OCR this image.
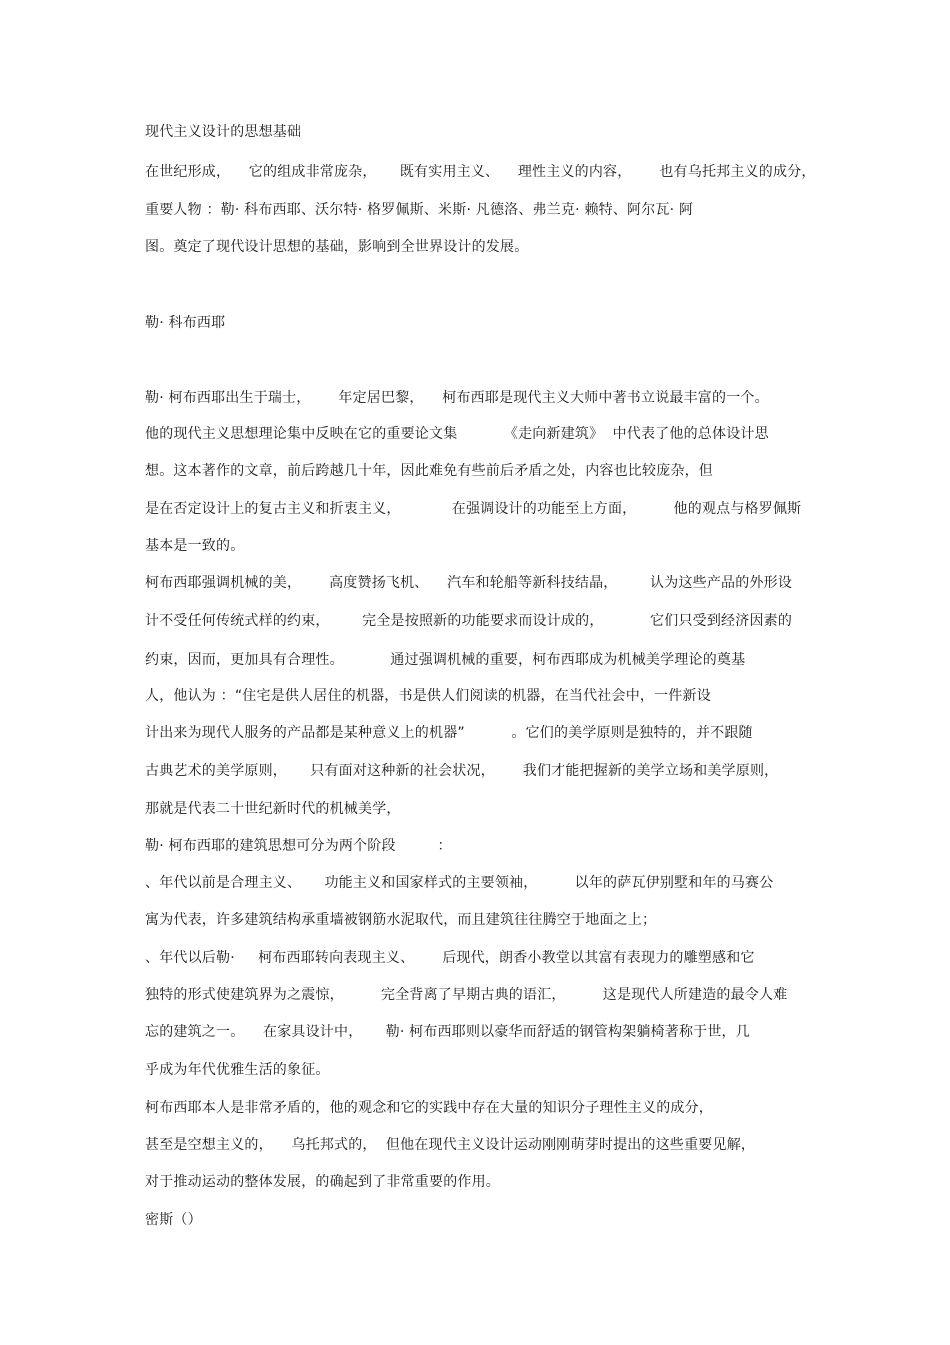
现代主义设计的思想基础
在世纪形成，    它的组成非常庞杂，     既有实用主义、    理性主义的内容，      也有乌托邦主义的成分，
重要人物 ：勒· 科布西耶、沃尔特· 格罗佩斯、米斯· 凡德洛、弗兰克· 赖特、阿尔瓦· 阿
图。奠定了现代设计思想的基础，影响到全世界设计的发展。
勒· 科布西耶
勒· 柯布西耶出生于瑞士，      年定居巴黎，    柯布西耶是现代主义大师中著书立说最丰富的一个。
他的现代主义思想理论集中反映在它的重要论文集          《走向新建筑》  中代表了他的总体设计思
想。这本著作的文章，前后跨越几十年，因此难免有些前后矛盾之处，内容也比较庞杂，但
是在否定设计上的复古主义和折衷主义，           在强调设计的功能至上方面，        他的观点与格罗佩斯
基本是一致的。
柯布西耶强调机械的美，      高度赞扬飞机、    汽车和轮船等新科技结晶，       认为这些产品的外形设
计不受任何传统式样的约束，       完全是按照新的功能要求而设计成的，          它们只受到经济因素的
约束，因而，更加具有合理性。          通过强调机械的重要，柯布西耶成为机械美学理论的奠基
人，他认为 ：“住宅是供人居住的机器，书是供人们阅读的机器，在当代社会中，一件新设
计出来为现代人服务的产品都是某种意义上的机器”          。它们的美学原则是独特的，并不跟随
古典艺术的美学原则，     只有面对这种新的社会状况，      我们才能把握新的美学立场和美学原则，
那就是代表二十世纪新时代的机械美学，
勒· 柯布西耶的建筑思想可分为两个阶段         ：
、年代以前是合理主义、     功能主义和国家样式的主要领袖，        以年的萨瓦伊别墅和年的马赛公
寓为代表，许多建筑结构承重墙被钢筋水泥取代，而且建筑往往腾空于地面之上；
、年代以后勒·     柯布西耶转向表现主义、      后现代，朗香小教堂以其富有表现力的雕塑感和它
独特的形式使建筑界为之震惊，        完全背离了早期古典的语汇，        这是现代人所建造的最令人难
忘的建筑之一。    在家具设计中，     勒· 柯布西耶则以豪华而舒适的钢管构架躺椅著称于世，几
乎成为年代优雅生活的象征。
柯布西耶本人是非常矛盾的，他的观念和它的实践中存在大量的知识分子理性主义的成分，
甚至是空想主义的，    乌托邦式的，  但他在现代主义设计运动刚刚萌芽时提出的这些重要见解，
对于推动运动的整体发展，的确起到了非常重要的作用。
密斯（）
